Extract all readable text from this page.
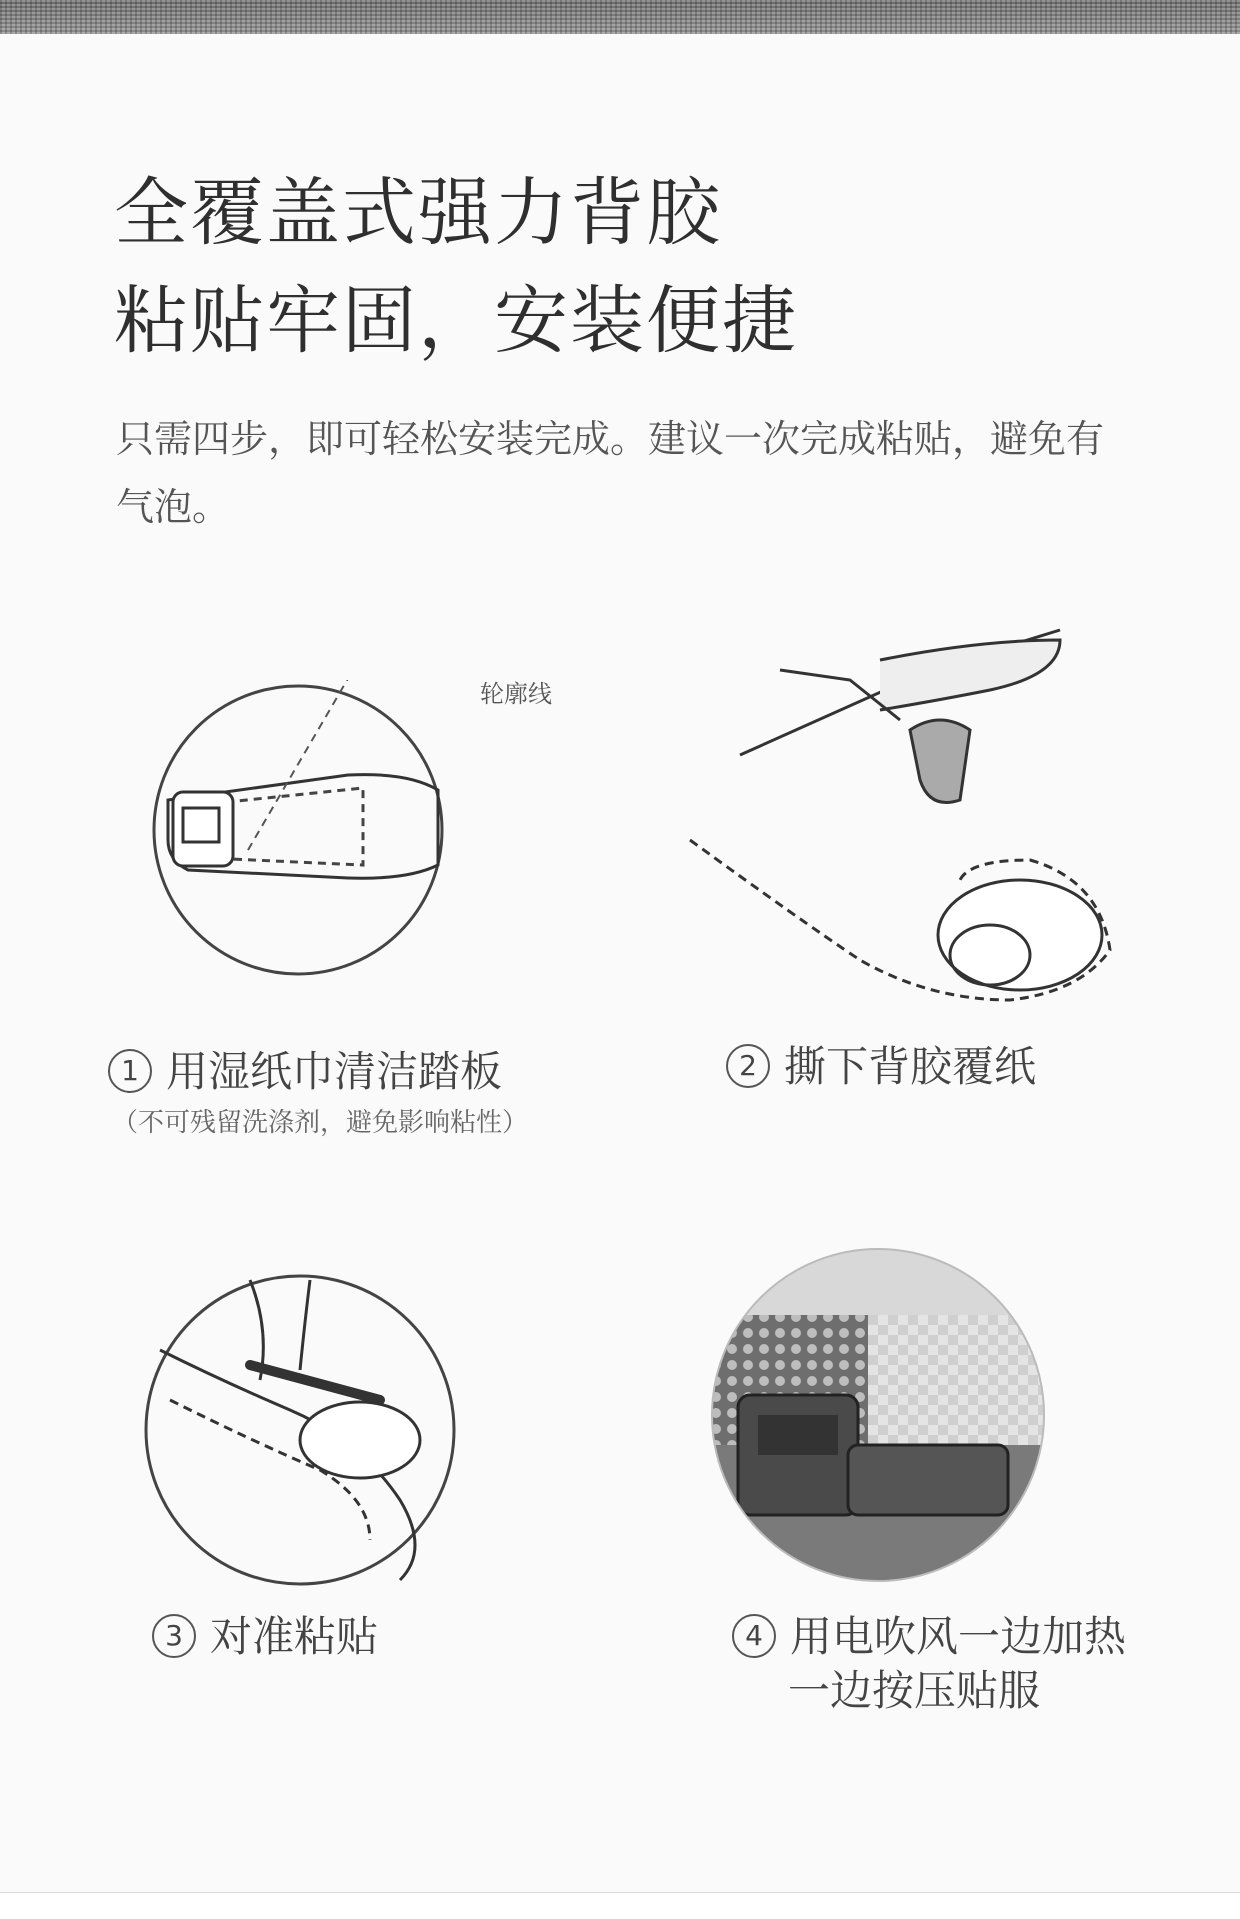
全覆盖式强力背胶
粘贴牢固，安装便捷

只需四步，即可轻松安装完成。建议一次完成粘贴，避免有气泡。

轮廓线
1 用湿纸巾清洁踏板
（不可残留洗涤剂，避免影响粘性）
2 撕下背胶覆纸
3 对准粘贴	4 用电吹风一边加热
一边按压贴服
